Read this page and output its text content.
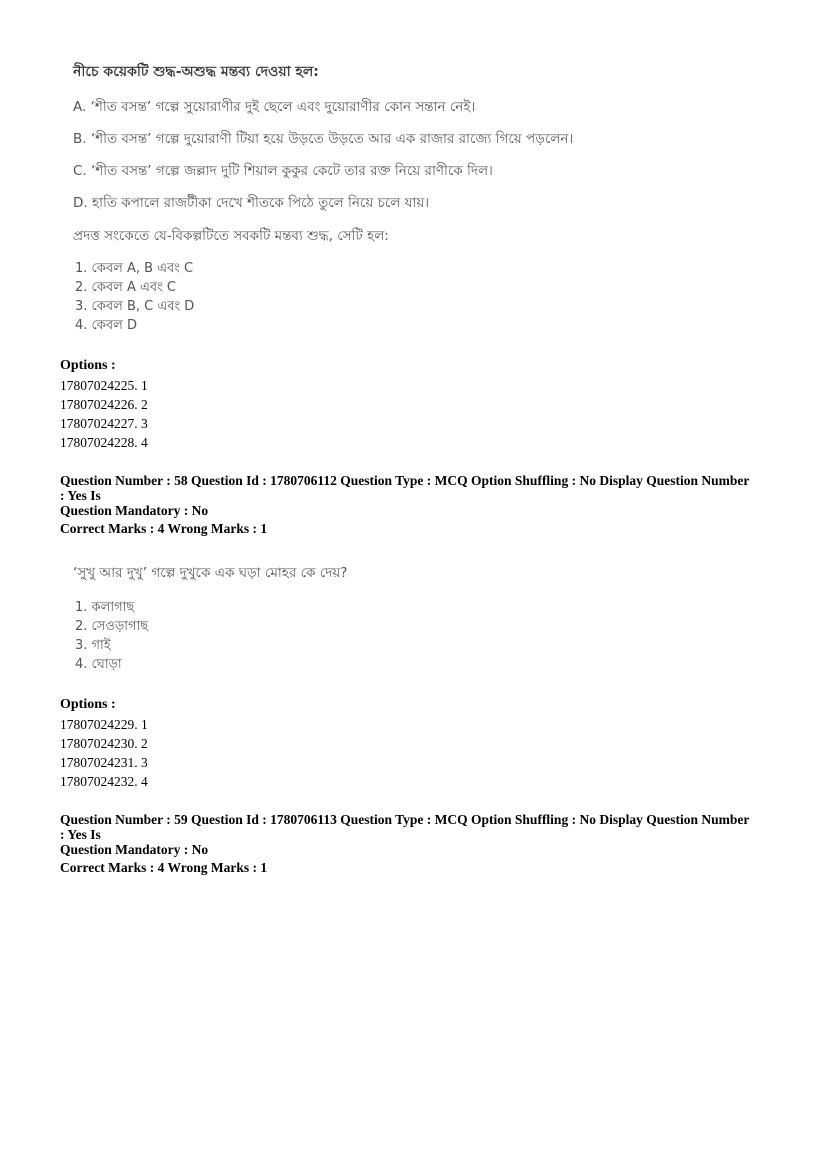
নীচে কয়েকটি শুদ্ধ-অশুদ্ধ মন্তব্য দেওয়া হল:
A. ‘শীত বসন্ত’ গল্পে সুয়োরাণীর দুই ছেলে এবং দুয়োরাণীর কোন সন্তান নেই।
B. ‘শীত বসন্ত’ গল্পে দুয়োরাণী টিয়া হয়ে উড়তে উড়তে আর এক রাজার রাজ্যে গিয়ে পড়লেন।
C. ‘শীত বসন্ত’ গল্পে জল্লাদ দুটি শিয়াল কুকুর কেটে তার রক্ত নিয়ে রাণীকে দিল।
D. হাতি কপালে রাজটীকা দেখে শীতকে পিঠে তুলে নিয়ে চলে যায়।
প্রদত্ত সংকেতে যে-বিকল্পটিতে সবকটি মন্তব্য শুদ্ধ, সেটি হল:
1. কেবল A, B এবং C
2. কেবল A এবং C
3. কেবল B, C এবং D
4. কেবল D
Options :
17807024225. 1
17807024226. 2
17807024227. 3
17807024228. 4
Question Number : 58 Question Id : 1780706112 Question Type : MCQ Option Shuffling : No Display Question Number : Yes Is
Question Mandatory : No
Correct Marks : 4 Wrong Marks : 1
‘সুখু আর দুখু’ গল্পে দুখুকে এক ঘড়া মোহর কে দেয়?
1. কলাগাছ
2. সেওড়াগাছ
3. গাই
4. ঘোড়া
Options :
17807024229. 1
17807024230. 2
17807024231. 3
17807024232. 4
Question Number : 59 Question Id : 1780706113 Question Type : MCQ Option Shuffling : No Display Question Number : Yes Is
Question Mandatory : No
Correct Marks : 4 Wrong Marks : 1
